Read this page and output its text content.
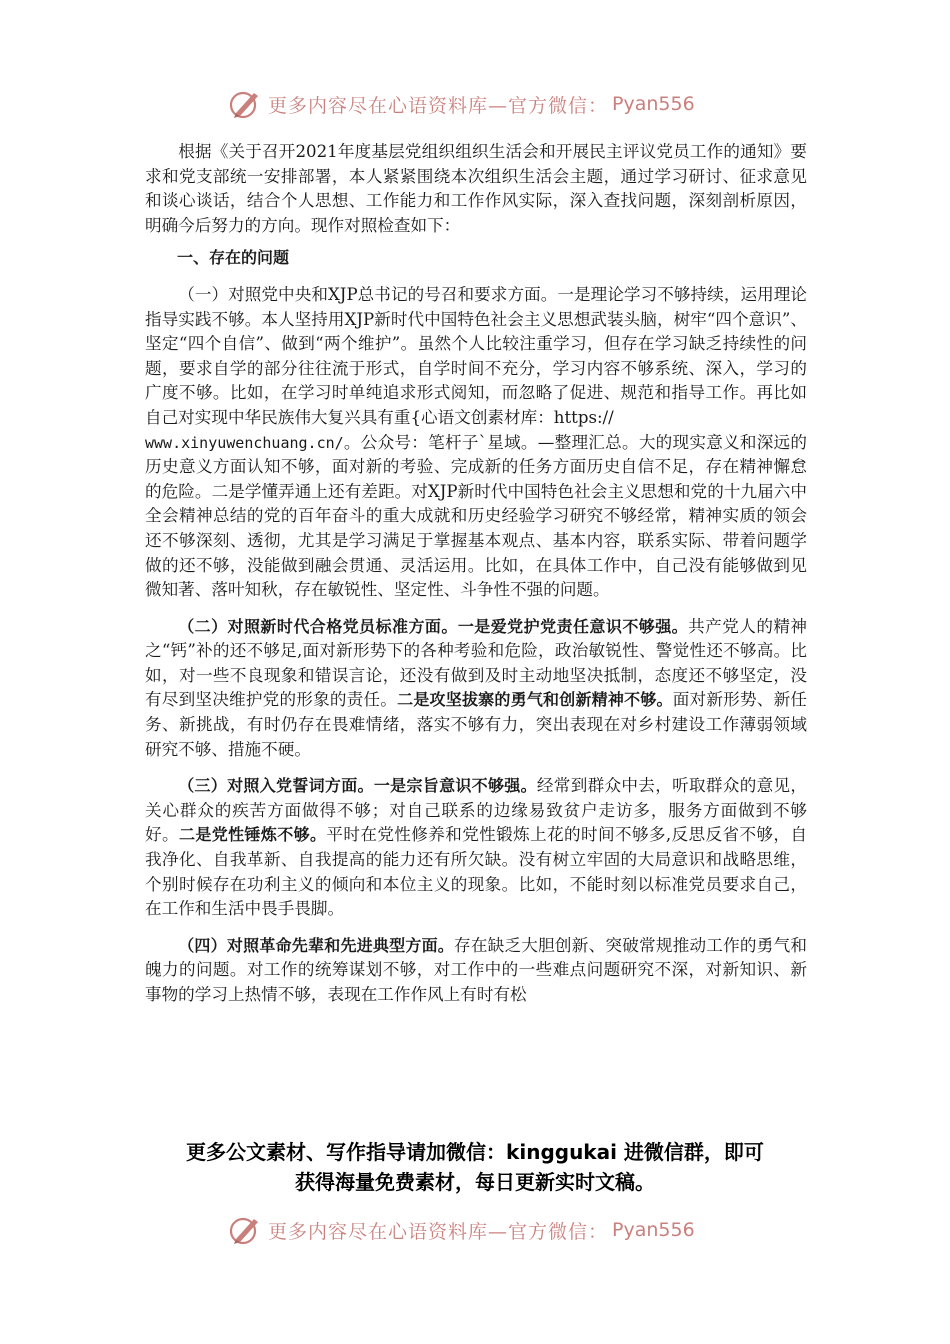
更多内容尽在心语资料库—官方微信： Pyan556

根据《关于召开2021年度基层党组织组织生活会和开展民主评议党员工作的通知》要求和党支部统一安排部署，本人紧紧围绕本次组织生活会主题，通过学习研讨、征求意见和谈心谈话，结合个人思想、工作能力和工作作风实际，深入查找问题，深刻剖析原因，明确今后努力的方向。现作对照检查如下：

一、存在的问题

（一）对照党中央和XJP总书记的号召和要求方面。一是理论学习不够持续，运用理论指导实践不够。本人坚持用XJP新时代中国特色社会主义思想武装头脑，树牢“四个意识”、坚定“四个自信”、做到“两个维护”。虽然个人比较注重学习，但存在学习缺乏持续性的问题，要求自学的部分往往流于形式，自学时间不充分，学习内容不够系统、深入，学习的广度不够。比如，在学习时单纯追求形式阅知，而忽略了促进、规范和指导工作。再比如自己对实现中华民族伟大复兴具有重{心语文创素材库：https://
www.xinyuwenchuang.cn/。公众号：笔杆子`星域。—整理汇总。大的现实意义和深远的历史意义方面认知不够，面对新的考验、完成新的任务方面历史自信不足，存在精神懈怠的危险。二是学懂弄通上还有差距。对XJP新时代中国特色社会主义思想和党的十九届六中全会精神总结的党的百年奋斗的重大成就和历史经验学习研究不够经常，精神实质的领会还不够深刻、透彻，尤其是学习满足于掌握基本观点、基本内容，联系实际、带着问题学做的还不够，没能做到融会贯通、灵活运用。比如，在具体工作中，自己没有能够做到见微知著、落叶知秋，存在敏锐性、坚定性、斗争性不强的问题。

（二）对照新时代合格党员标准方面。一是爱党护党责任意识不够强。共产党人的精神之“钙”补的还不够足,面对新形势下的各种考验和危险，政治敏锐性、警觉性还不够高。比如，对一些不良现象和错误言论，还没有做到及时主动地坚决抵制，态度还不够坚定，没有尽到坚决维护党的形象的责任。二是攻坚拔寨的勇气和创新精神不够。面对新形势、新任务、新挑战，有时仍存在畏难情绪，落实不够有力，突出表现在对乡村建设工作薄弱领域研究不够、措施不硬。

（三）对照入党誓词方面。一是宗旨意识不够强。经常到群众中去，听取群众的意见，关心群众的疾苦方面做得不够；对自己联系的边缘易致贫户走访多，服务方面做到不够好。二是党性锤炼不够。平时在党性修养和党性锻炼上花的时间不够多,反思反省不够，自我净化、自我革新、自我提高的能力还有所欠缺。没有树立牢固的大局意识和战略思维，个别时候存在功利主义的倾向和本位主义的现象。比如，不能时刻以标准党员要求自己，在工作和生活中畏手畏脚。

（四）对照革命先辈和先进典型方面。存在缺乏大胆创新、突破常规推动工作的勇气和魄力的问题。对工作的统筹谋划不够，对工作中的一些难点问题研究不深，对新知识、新事物的学习上热情不够，表现在工作作风上有时有松

更多公文素材、写作指导请加微信：kinggukai 进微信群，即可
获得海量免费素材，每日更新实时文稿。
更多内容尽在心语资料库—官方微信： Pyan556
